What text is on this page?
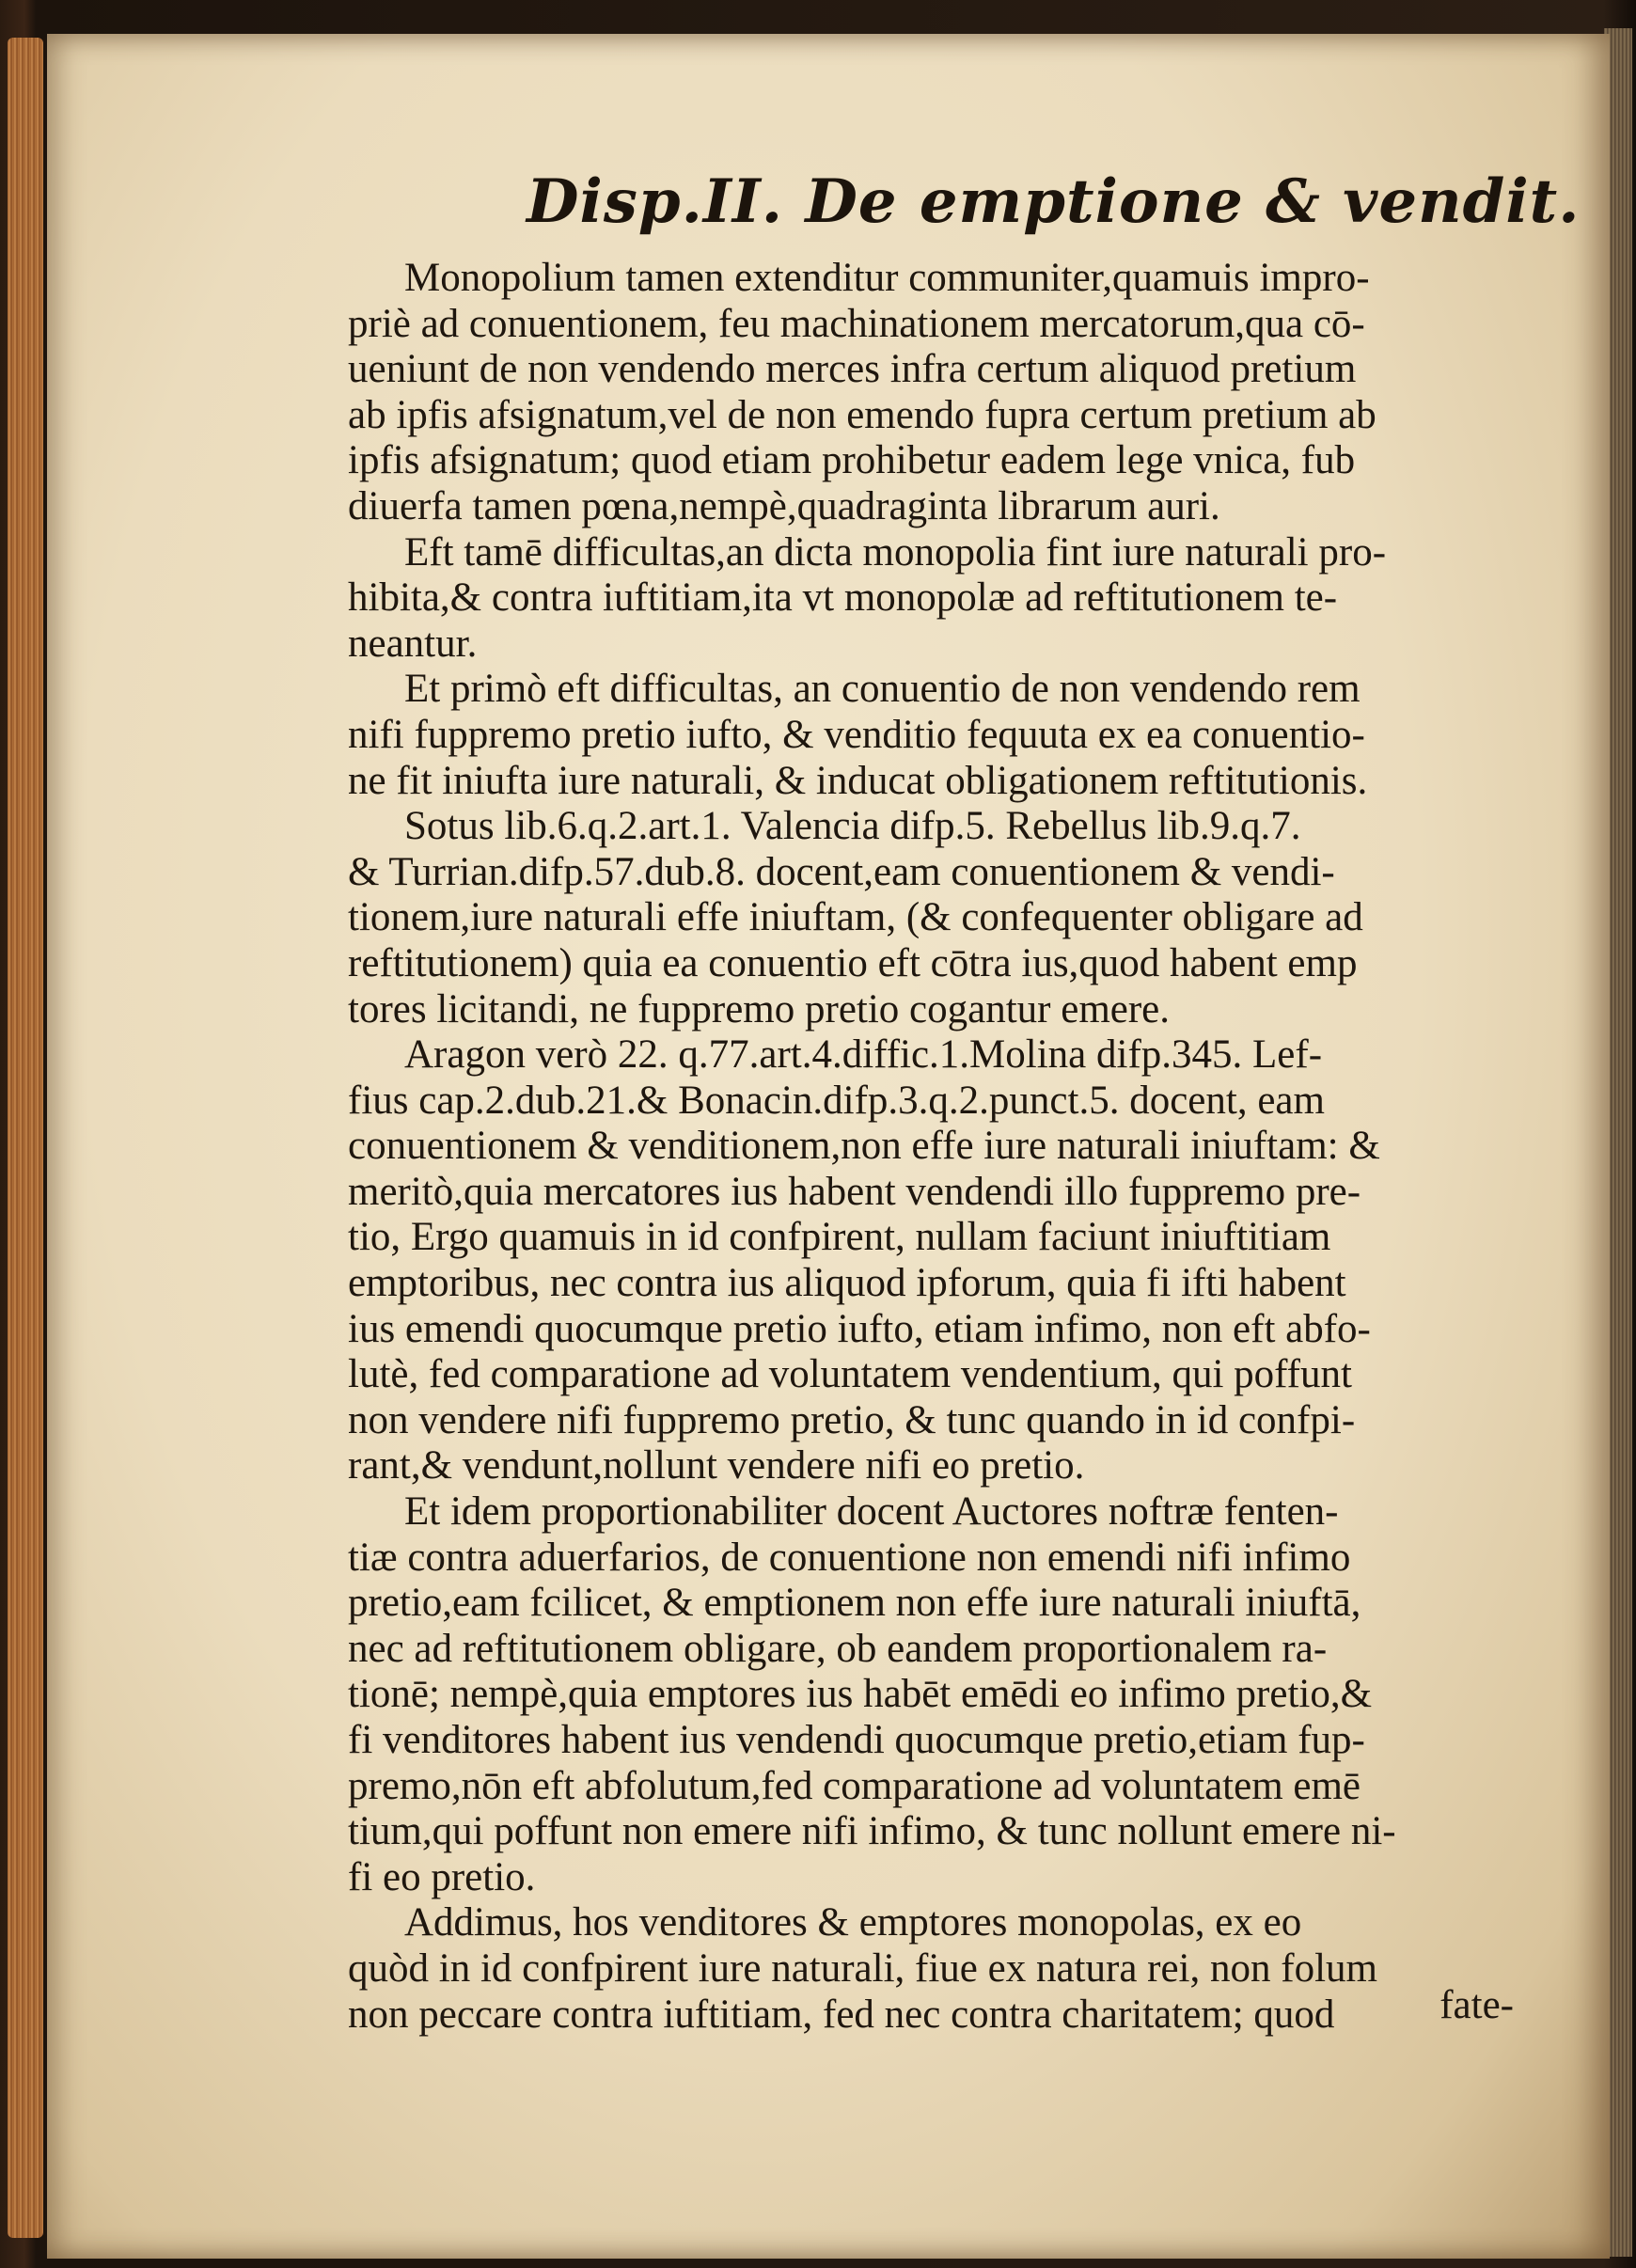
Disp.II. De emptione & vendit.
Monopolium tamen extenditur communiter,quamuis impro-
priè ad conuentionem, feu machinationem mercatorum,qua cō-
ueniunt de non vendendo merces infra certum aliquod pretium
ab ipfis afsignatum,vel de non emendo fupra certum pretium ab
ipfis afsignatum; quod etiam prohibetur eadem lege vnica, fub
diuerfa tamen pœna,nempè,quadraginta librarum auri.
Eft tamē difficultas,an dicta monopolia fint iure naturali pro-
hibita,& contra iuftitiam,ita vt monopolæ ad reftitutionem te-
neantur.
Et primò eft difficultas, an conuentio de non vendendo rem
nifi fuppremo pretio iufto, & venditio fequuta ex ea conuentio-
ne fit iniufta iure naturali, & inducat obligationem reftitutionis.
Sotus lib.6.q.2.art.1. Valencia difp.5. Rebellus lib.9.q.7.
& Turrian.difp.57.dub.8. docent,eam conuentionem & vendi-
tionem,iure naturali effe iniuftam, (& confequenter obligare ad
reftitutionem) quia ea conuentio eft cōtra ius,quod habent emp
tores licitandi, ne fuppremo pretio cogantur emere.
Aragon verò 22. q.77.art.4.diffic.1.Molina difp.345. Lef-
fius cap.2.dub.21.& Bonacin.difp.3.q.2.punct.5. docent, eam
conuentionem & venditionem,non effe iure naturali iniuftam: &
meritò,quia mercatores ius habent vendendi illo fuppremo pre-
tio, Ergo quamuis in id confpirent, nullam faciunt iniuftitiam
emptoribus, nec contra ius aliquod ipforum, quia fi ifti habent
ius emendi quocumque pretio iufto, etiam infimo, non eft abfo-
lutè, fed comparatione ad voluntatem vendentium, qui poffunt
non vendere nifi fuppremo pretio, & tunc quando in id confpi-
rant,& vendunt,nollunt vendere nifi eo pretio.
Et idem proportionabiliter docent Auctores noftræ fenten-
tiæ contra aduerfarios, de conuentione non emendi nifi infimo
pretio,eam fcilicet, & emptionem non effe iure naturali iniuftā,
nec ad reftitutionem obligare, ob eandem proportionalem ra-
tionē; nempè,quia emptores ius habēt emēdi eo infimo pretio,&
fi venditores habent ius vendendi quocumque pretio,etiam fup-
premo,nōn eft abfolutum,fed comparatione ad voluntatem emē
tium,qui poffunt non emere nifi infimo, & tunc nollunt emere ni-
fi eo pretio.
Addimus, hos venditores & emptores monopolas, ex eo
quòd in id confpirent iure naturali, fiue ex natura rei, non folum
non peccare contra iuftitiam, fed nec contra charitatem; quod	fate-
